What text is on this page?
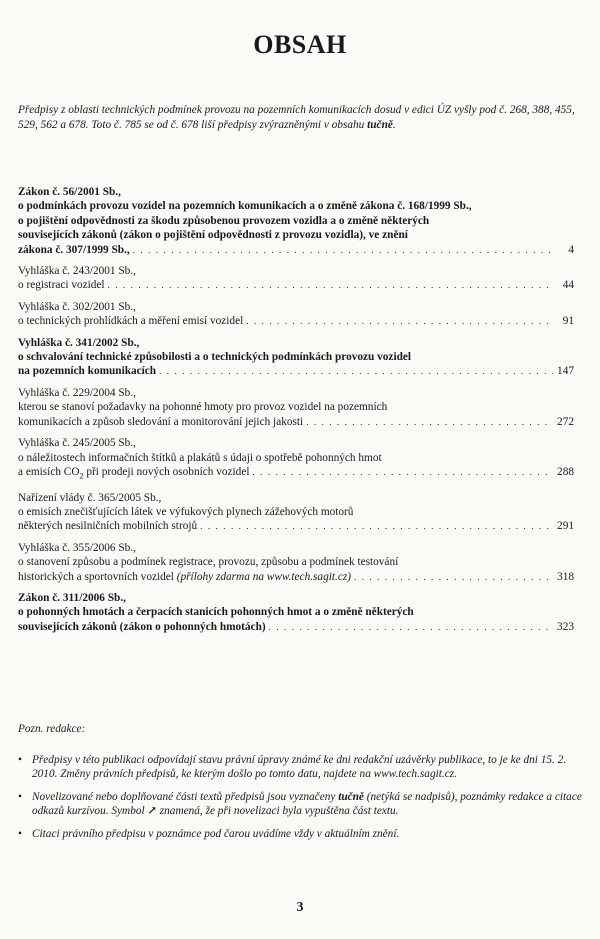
OBSAH
Předpisy z oblasti technických podmínek provozu na pozemních komunikacích dosud v edici ÚZ vyšly pod č. 268, 388, 455, 529, 562 a 678. Toto č. 785 se od č. 678 liší předpisy zvýrazněnými v obsahu tučně.
Zákon č. 56/2001 Sb.,
o podmínkách provozu vozidel na pozemních komunikacích a o změně zákona č. 168/1999 Sb.,
o pojištění odpovědnosti za škodu způsobenou provozem vozidla a o změně některých
souvisejících zákonů (zákon o pojištění odpovědnosti z provozu vozidla), ve znění
zákona č. 307/1999 Sb., . . .	4
Vyhláška č. 243/2001 Sb.,
o registraci vozidel . . .	44
Vyhláška č. 302/2001 Sb.,
o technických prohlídkách a měření emisí vozidel . . .	91
Vyhláška č. 341/2002 Sb.,
o schvalování technické způsobilosti a o technických podmínkách provozu vozidel
na pozemních komunikacích . . .	147
Vyhláška č. 229/2004 Sb.,
kterou se stanoví požadavky na pohonné hmoty pro provoz vozidel na pozemních
komunikacích a způsob sledování a monitorování jejich jakosti . . .	272
Vyhláška č. 245/2005 Sb.,
o náležitostech informačních štítků a plakátů s údaji o spotřebě pohonných hmot
a emisích $CO_2$ při prodeji nových osobních vozidel . . .	288
Nařízení vlády č. 365/2005 Sb.,
o emisích znečišťujících látek ve výfukových plynech zážehových motorů
některých nesilničních mobilních strojů . . .	291
Vyhláška č. 355/2006 Sb.,
o stanovení způsobu a podmínek registrace, provozu, způsobu a podmínek testování
historických a sportovních vozidel (přílohy zdarma na www.tech.sagit.cz) . . .	318
Zákon č. 311/2006 Sb.,
o pohonných hmotách a čerpacích stanicích pohonných hmot a o změně některých
souvisejících zákonů (zákon o pohonných hmotách) . . .	323
Pozn. redakce:
• Předpisy v této publikaci odpovídají stavu právní úpravy známé ke dni redakční uzávěrky publikace, to je ke dni 15. 2. 2010. Změny právních předpisů, ke kterým došlo po tomto datu, najdete na www.tech.sagit.cz.
• Novelizované nebo doplňované části textů předpisů jsou vyznačeny tučně (netýká se nadpisů), poznámky redakce a citace odkazů kurzívou. Symbol ↗ znamená, že při novelizaci byla vypuštěna část textu.
• Citaci právního předpisu v poznámce pod čarou uvádíme vždy v aktuálním znění.
3
